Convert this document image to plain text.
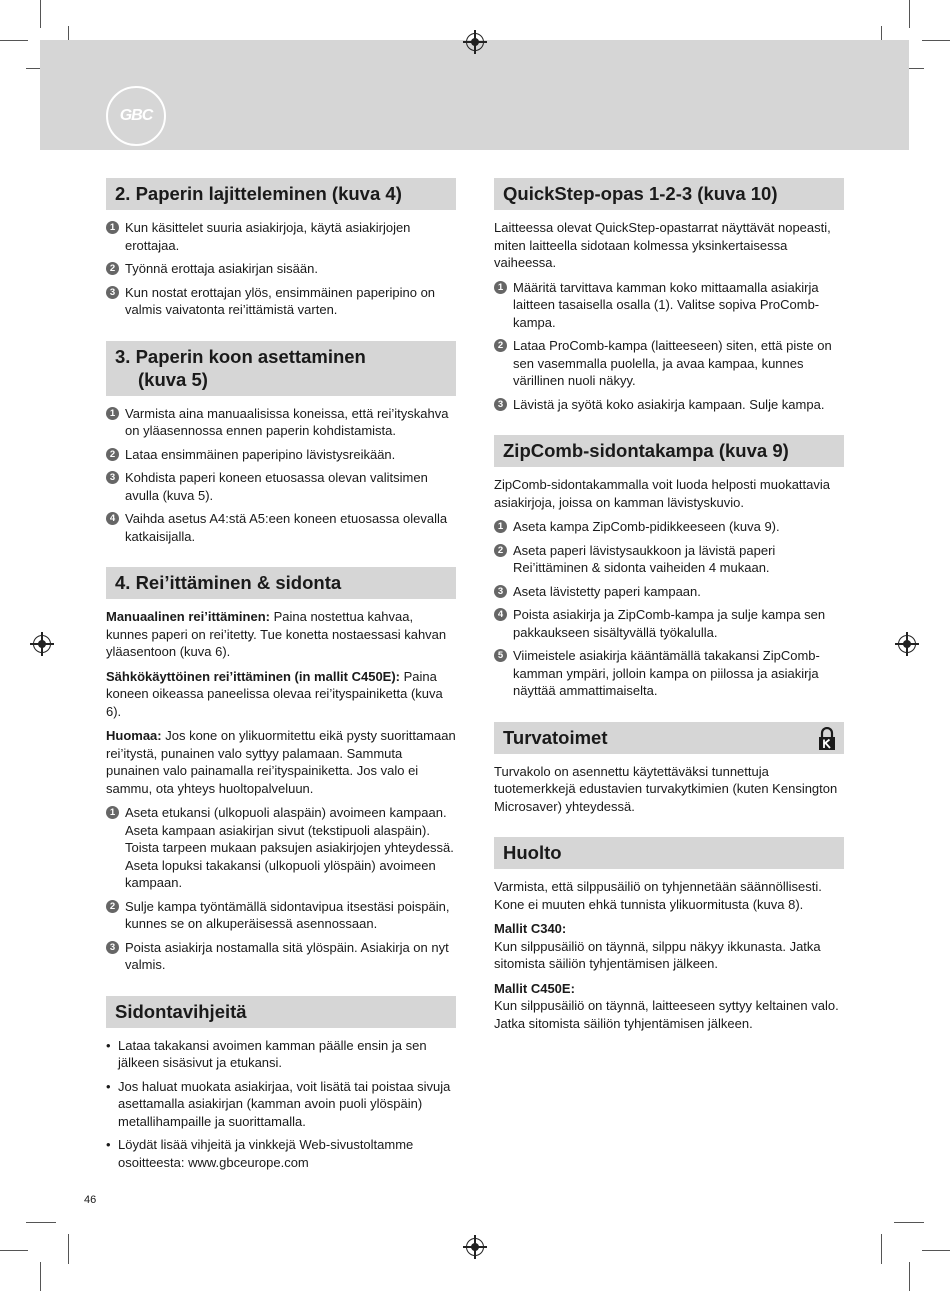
GBC
2. Paperin lajitteleminen (kuva 4)
1 Kun käsittelet suuria asiakirjoja, käytä asiakirjojen erottajaa.
2 Työnnä erottaja asiakirjan sisään.
3 Kun nostat erottajan ylös, ensimmäinen paperipino on valmis vaivatonta rei’ittämistä varten.
3. Paperin koon asettaminen
(kuva 5)
1 Varmista aina manuaalisissa koneissa, että rei’ityskahva on yläasennossa ennen paperin kohdistamista.
2 Lataa ensimmäinen paperipino lävistysreikään.
3 Kohdista paperi koneen etuosassa olevan valitsimen avulla (kuva 5).
4 Vaihda asetus A4:stä A5:een koneen etuosassa olevalla katkaisijalla.
4. Rei’ittäminen & sidonta

Manuaalinen rei’ittäminen: Paina nostettua kahvaa, kunnes paperi on rei’itetty. Tue konetta nostaessasi kahvan yläasentoon (kuva 6).

Sähkökäyttöinen rei’ittäminen (in mallit C450E): Paina koneen oikeassa paneelissa olevaa rei’ityspainiketta (kuva 6).

Huomaa: Jos kone on ylikuormitettu eikä pysty suorittamaan rei’itystä, punainen valo syttyy palamaan. Sammuta punainen valo painamalla rei’ityspainiketta. Jos valo ei sammu, ota yhteys huoltopalveluun.

1 Aseta etukansi (ulkopuoli alaspäin) avoimeen kampaan. Aseta kampaan asiakirjan sivut (tekstipuoli alaspäin). Toista tarpeen mukaan paksujen asiakirjojen yhteydessä. Aseta lopuksi takakansi (ulkopuoli ylöspäin) avoimeen kampaan.
2 Sulje kampa työntämällä sidontavipua itsestäsi poispäin, kunnes se on alkuperäisessä asennossaan.
3 Poista asiakirja nostamalla sitä ylöspäin. Asiakirja on nyt valmis.
Sidontavihjeitä
• Lataa takakansi avoimen kamman päälle ensin ja sen jälkeen sisäsivut ja etukansi.
• Jos haluat muokata asiakirjaa, voit lisätä tai poistaa sivuja asettamalla asiakirjan (kamman avoin puoli ylöspäin) metallihampaille ja suorittamalla.
• Löydät lisää vihjeitä ja vinkkejä Web-sivustoltamme osoitteesta: www.gbceurope.com
QuickStep-opas 1-2-3 (kuva 10)

Laitteessa olevat QuickStep-opastarrat näyttävät nopeasti, miten laitteella sidotaan kolmessa yksinkertaisessa vaiheessa.

1 Määritä tarvittava kamman koko mittaamalla asiakirja laitteen tasaisella osalla (1). Valitse sopiva ProComb-kampa.
2 Lataa ProComb-kampa (laitteeseen) siten, että piste on sen vasemmalla puolella, ja avaa kampaa, kunnes värillinen nuoli näkyy.
3 Lävistä ja syötä koko asiakirja kampaan. Sulje kampa.
ZipComb-sidontakampa (kuva 9)

ZipComb-sidontakammalla voit luoda helposti muokattavia asiakirjoja, joissa on kamman lävistyskuvio.

1 Aseta kampa ZipComb-pidikkeeseen (kuva 9).
2 Aseta paperi lävistysaukkoon ja lävistä paperi Rei’ittäminen & sidonta vaiheiden 4 mukaan.
3 Aseta lävistetty paperi kampaan.
4 Poista asiakirja ja ZipComb-kampa ja sulje kampa sen pakkaukseen sisältyvällä työkalulla.
5 Viimeistele asiakirja kääntämällä takakansi ZipComb-kamman ympäri, jolloin kampa on piilossa ja asiakirja näyttää ammattimaiselta.
Turvatoimet

Turvakolo on asennettu käytettäväksi tunnettuja tuotemerkkejä edustavien turvakytkimien (kuten Kensington Microsaver) yhteydessä.

Huolto

Varmista, että silppusäiliö on tyhjennetään säännöllisesti. Kone ei muuten ehkä tunnista ylikuormitusta (kuva 8).

Mallit C340:
Kun silppusäiliö on täynnä, silppu näkyy ikkunasta. Jatka sitomista säiliön tyhjentämisen jälkeen.

Mallit C450E:
Kun silppusäiliö on täynnä, laitteeseen syttyy keltainen valo. Jatka sitomista säiliön tyhjentämisen jälkeen.

46
